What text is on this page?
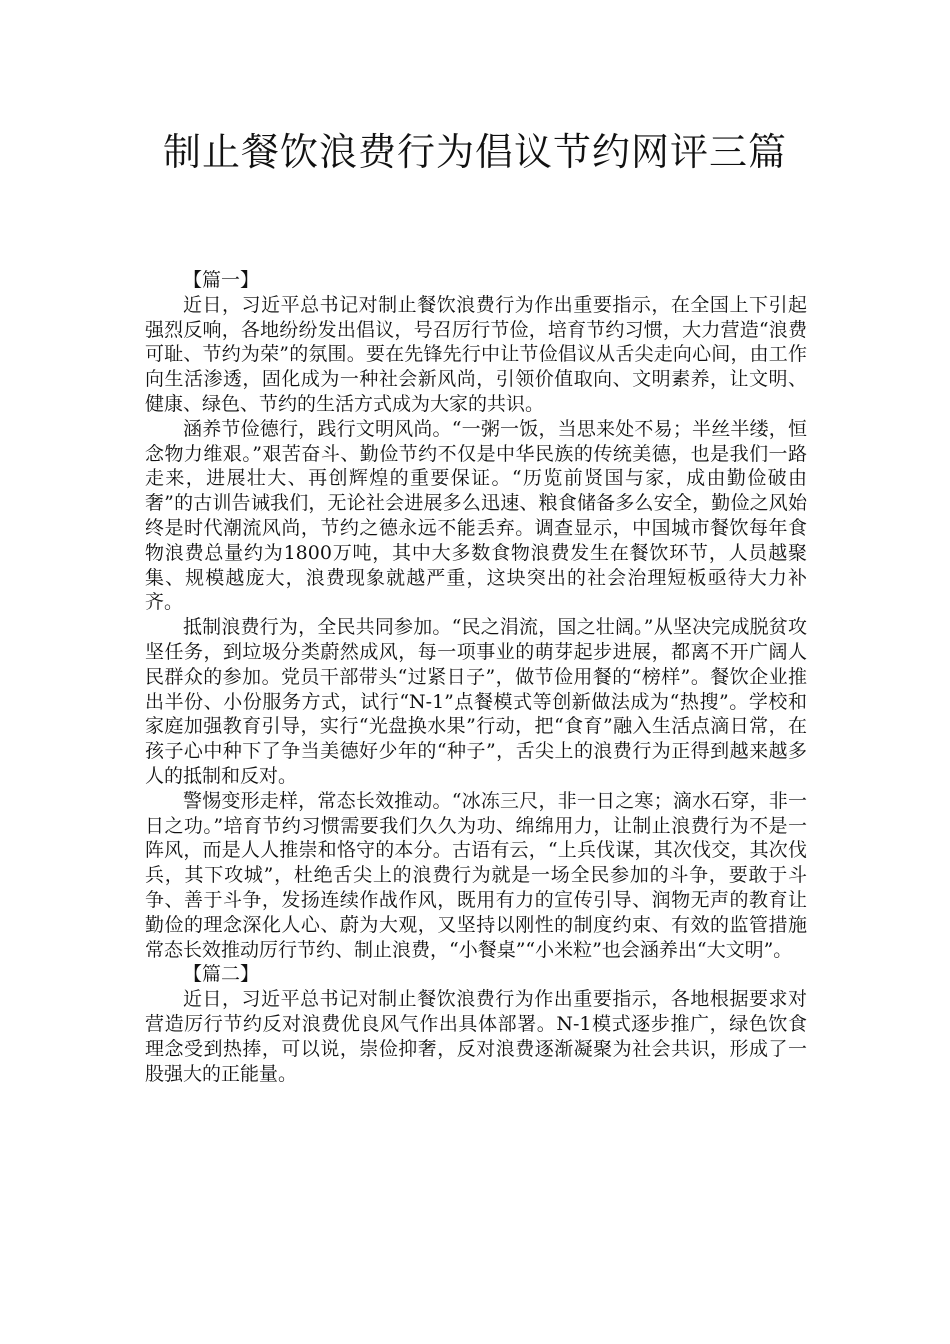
制止餐饮浪费行为倡议节约网评三篇

【篇一】

近日，习近平总书记对制止餐饮浪费行为作出重要指示，在全国上下引起强烈反响，各地纷纷发出倡议，号召厉行节俭，培育节约习惯，大力营造“浪费可耻、节约为荣”的氛围。要在先锋先行中让节俭倡议从舌尖走向心间，由工作向生活渗透，固化成为一种社会新风尚，引领价值取向、文明素养，让文明、健康、绿色、节约的生活方式成为大家的共识。

涵养节俭德行，践行文明风尚。“一粥一饭，当思来处不易；半丝半缕，恒念物力维艰。”艰苦奋斗、勤俭节约不仅是中华民族的传统美德，也是我们一路走来，进展壮大、再创辉煌的重要保证。“历览前贤国与家，成由勤俭破由奢”的古训告诫我们，无论社会进展多么迅速、粮食储备多么安全，勤俭之风始终是时代潮流风尚，节约之德永远不能丢弃。调查显示，中国城市餐饮每年食物浪费总量约为1800万吨，其中大多数食物浪费发生在餐饮环节，人员越聚集、规模越庞大，浪费现象就越严重，这块突出的社会治理短板亟待大力补齐。

抵制浪费行为，全民共同参加。“民之涓流，国之壮阔。”从坚决完成脱贫攻坚任务，到垃圾分类蔚然成风，每一项事业的萌芽起步进展，都离不开广阔人民群众的参加。党员干部带头“过紧日子”，做节俭用餐的“榜样”。餐饮企业推出半份、小份服务方式，试行“N-1”点餐模式等创新做法成为“热搜”。学校和家庭加强教育引导，实行“光盘换水果”行动，把“食育”融入生活点滴日常，在孩子心中种下了争当美德好少年的“种子”，舌尖上的浪费行为正得到越来越多人的抵制和反对。

警惕变形走样，常态长效推动。“冰冻三尺，非一日之寒；滴水石穿，非一日之功。”培育节约习惯需要我们久久为功、绵绵用力，让制止浪费行为不是一阵风，而是人人推崇和恪守的本分。古语有云，“上兵伐谋，其次伐交，其次伐兵，其下攻城”，杜绝舌尖上的浪费行为就是一场全民参加的斗争，要敢于斗争、善于斗争，发扬连续作战作风，既用有力的宣传引导、润物无声的教育让勤俭的理念深化人心、蔚为大观，又坚持以刚性的制度约束、有效的监管措施常态长效推动厉行节约、制止浪费，“小餐桌”“小米粒”也会涵养出“大文明”。

【篇二】

近日，习近平总书记对制止餐饮浪费行为作出重要指示，各地根据要求对营造厉行节约反对浪费优良风气作出具体部署。N-1模式逐步推广，绿色饮食理念受到热捧，可以说，崇俭抑奢，反对浪费逐渐凝聚为社会共识，形成了一股强大的正能量。
